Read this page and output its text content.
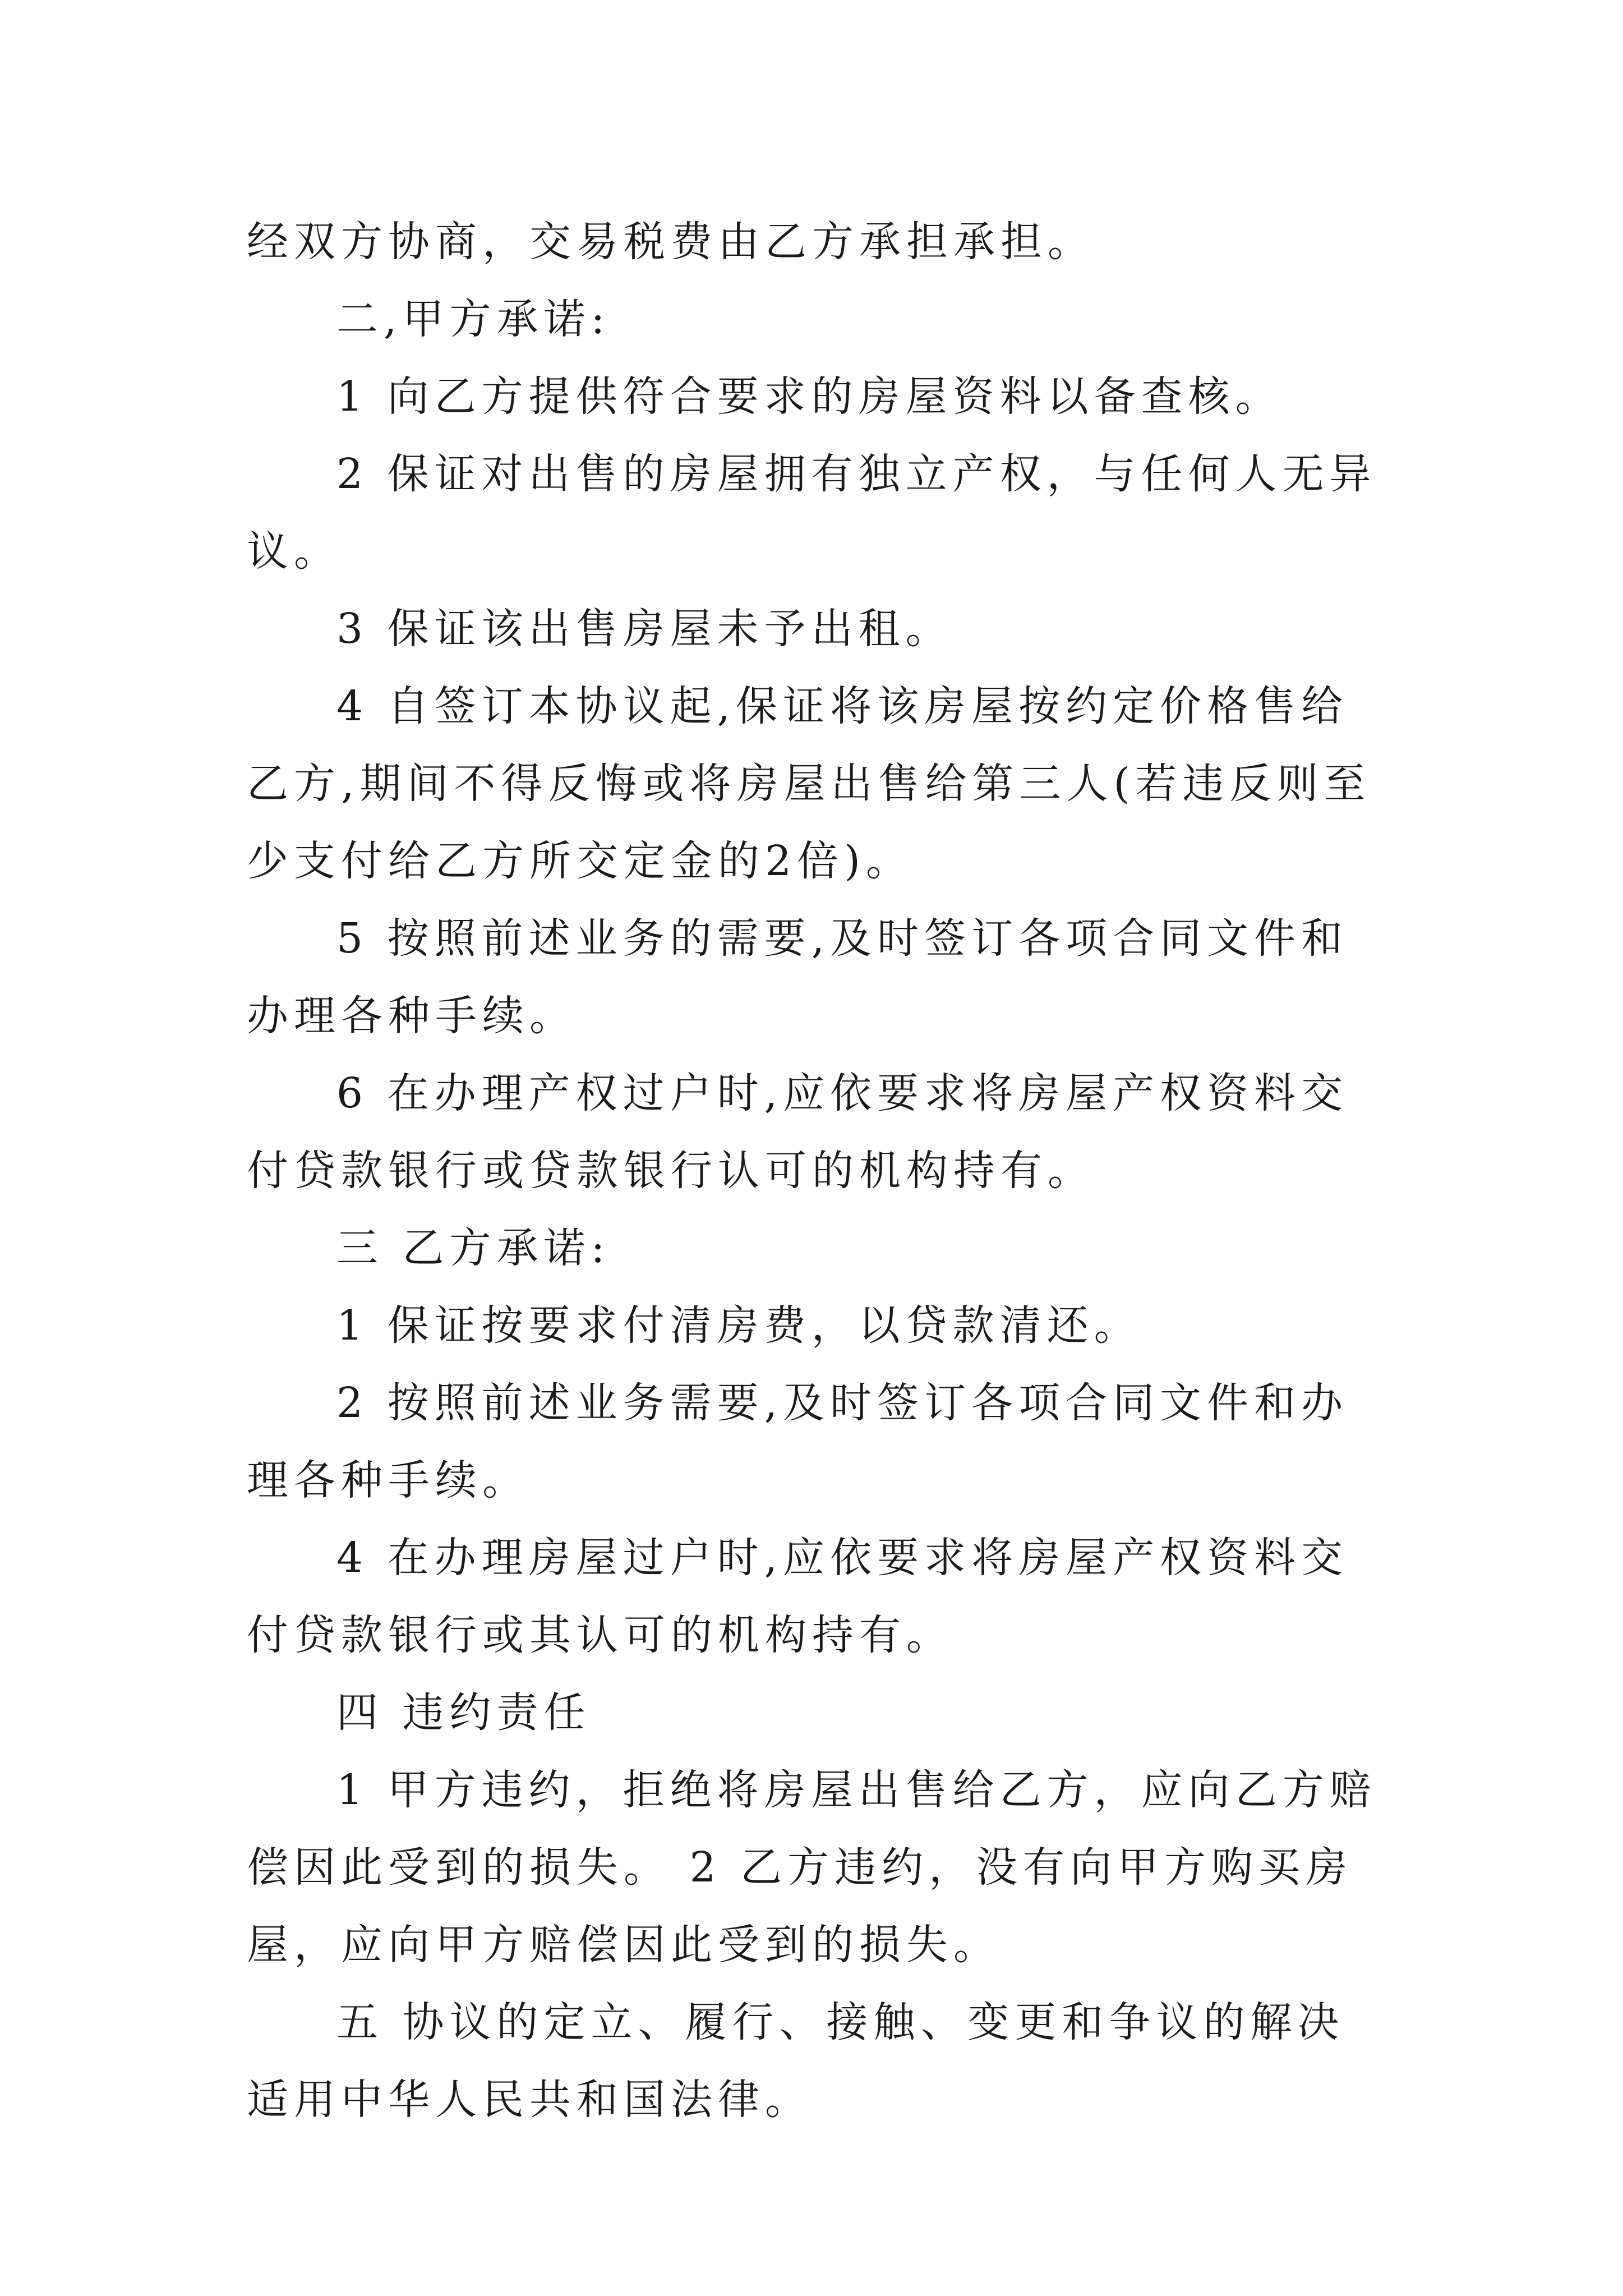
经双方协商，交易税费由乙方承担承担。

二,甲方承诺:

1 向乙方提供符合要求的房屋资料以备查核。

2 保证对出售的房屋拥有独立产权，与任何人无异议。

3 保证该出售房屋未予出租。

4 自签订本协议起,保证将该房屋按约定价格售给乙方,期间不得反悔或将房屋出售给第三人(若违反则至少支付给乙方所交定金的2倍)。

5 按照前述业务的需要,及时签订各项合同文件和办理各种手续。

6 在办理产权过户时,应依要求将房屋产权资料交付贷款银行或贷款银行认可的机构持有。

三 乙方承诺:

1 保证按要求付清房费，以贷款清还。

2 按照前述业务需要,及时签订各项合同文件和办理各种手续。

4 在办理房屋过户时,应依要求将房屋产权资料交付贷款银行或其认可的机构持有。

四 违约责任

1 甲方违约，拒绝将房屋出售给乙方，应向乙方赔偿因此受到的损失。 2 乙方违约，没有向甲方购买房屋，应向甲方赔偿因此受到的损失。

五 协议的定立、履行、接触、变更和争议的解决适用中华人民共和国法律。
